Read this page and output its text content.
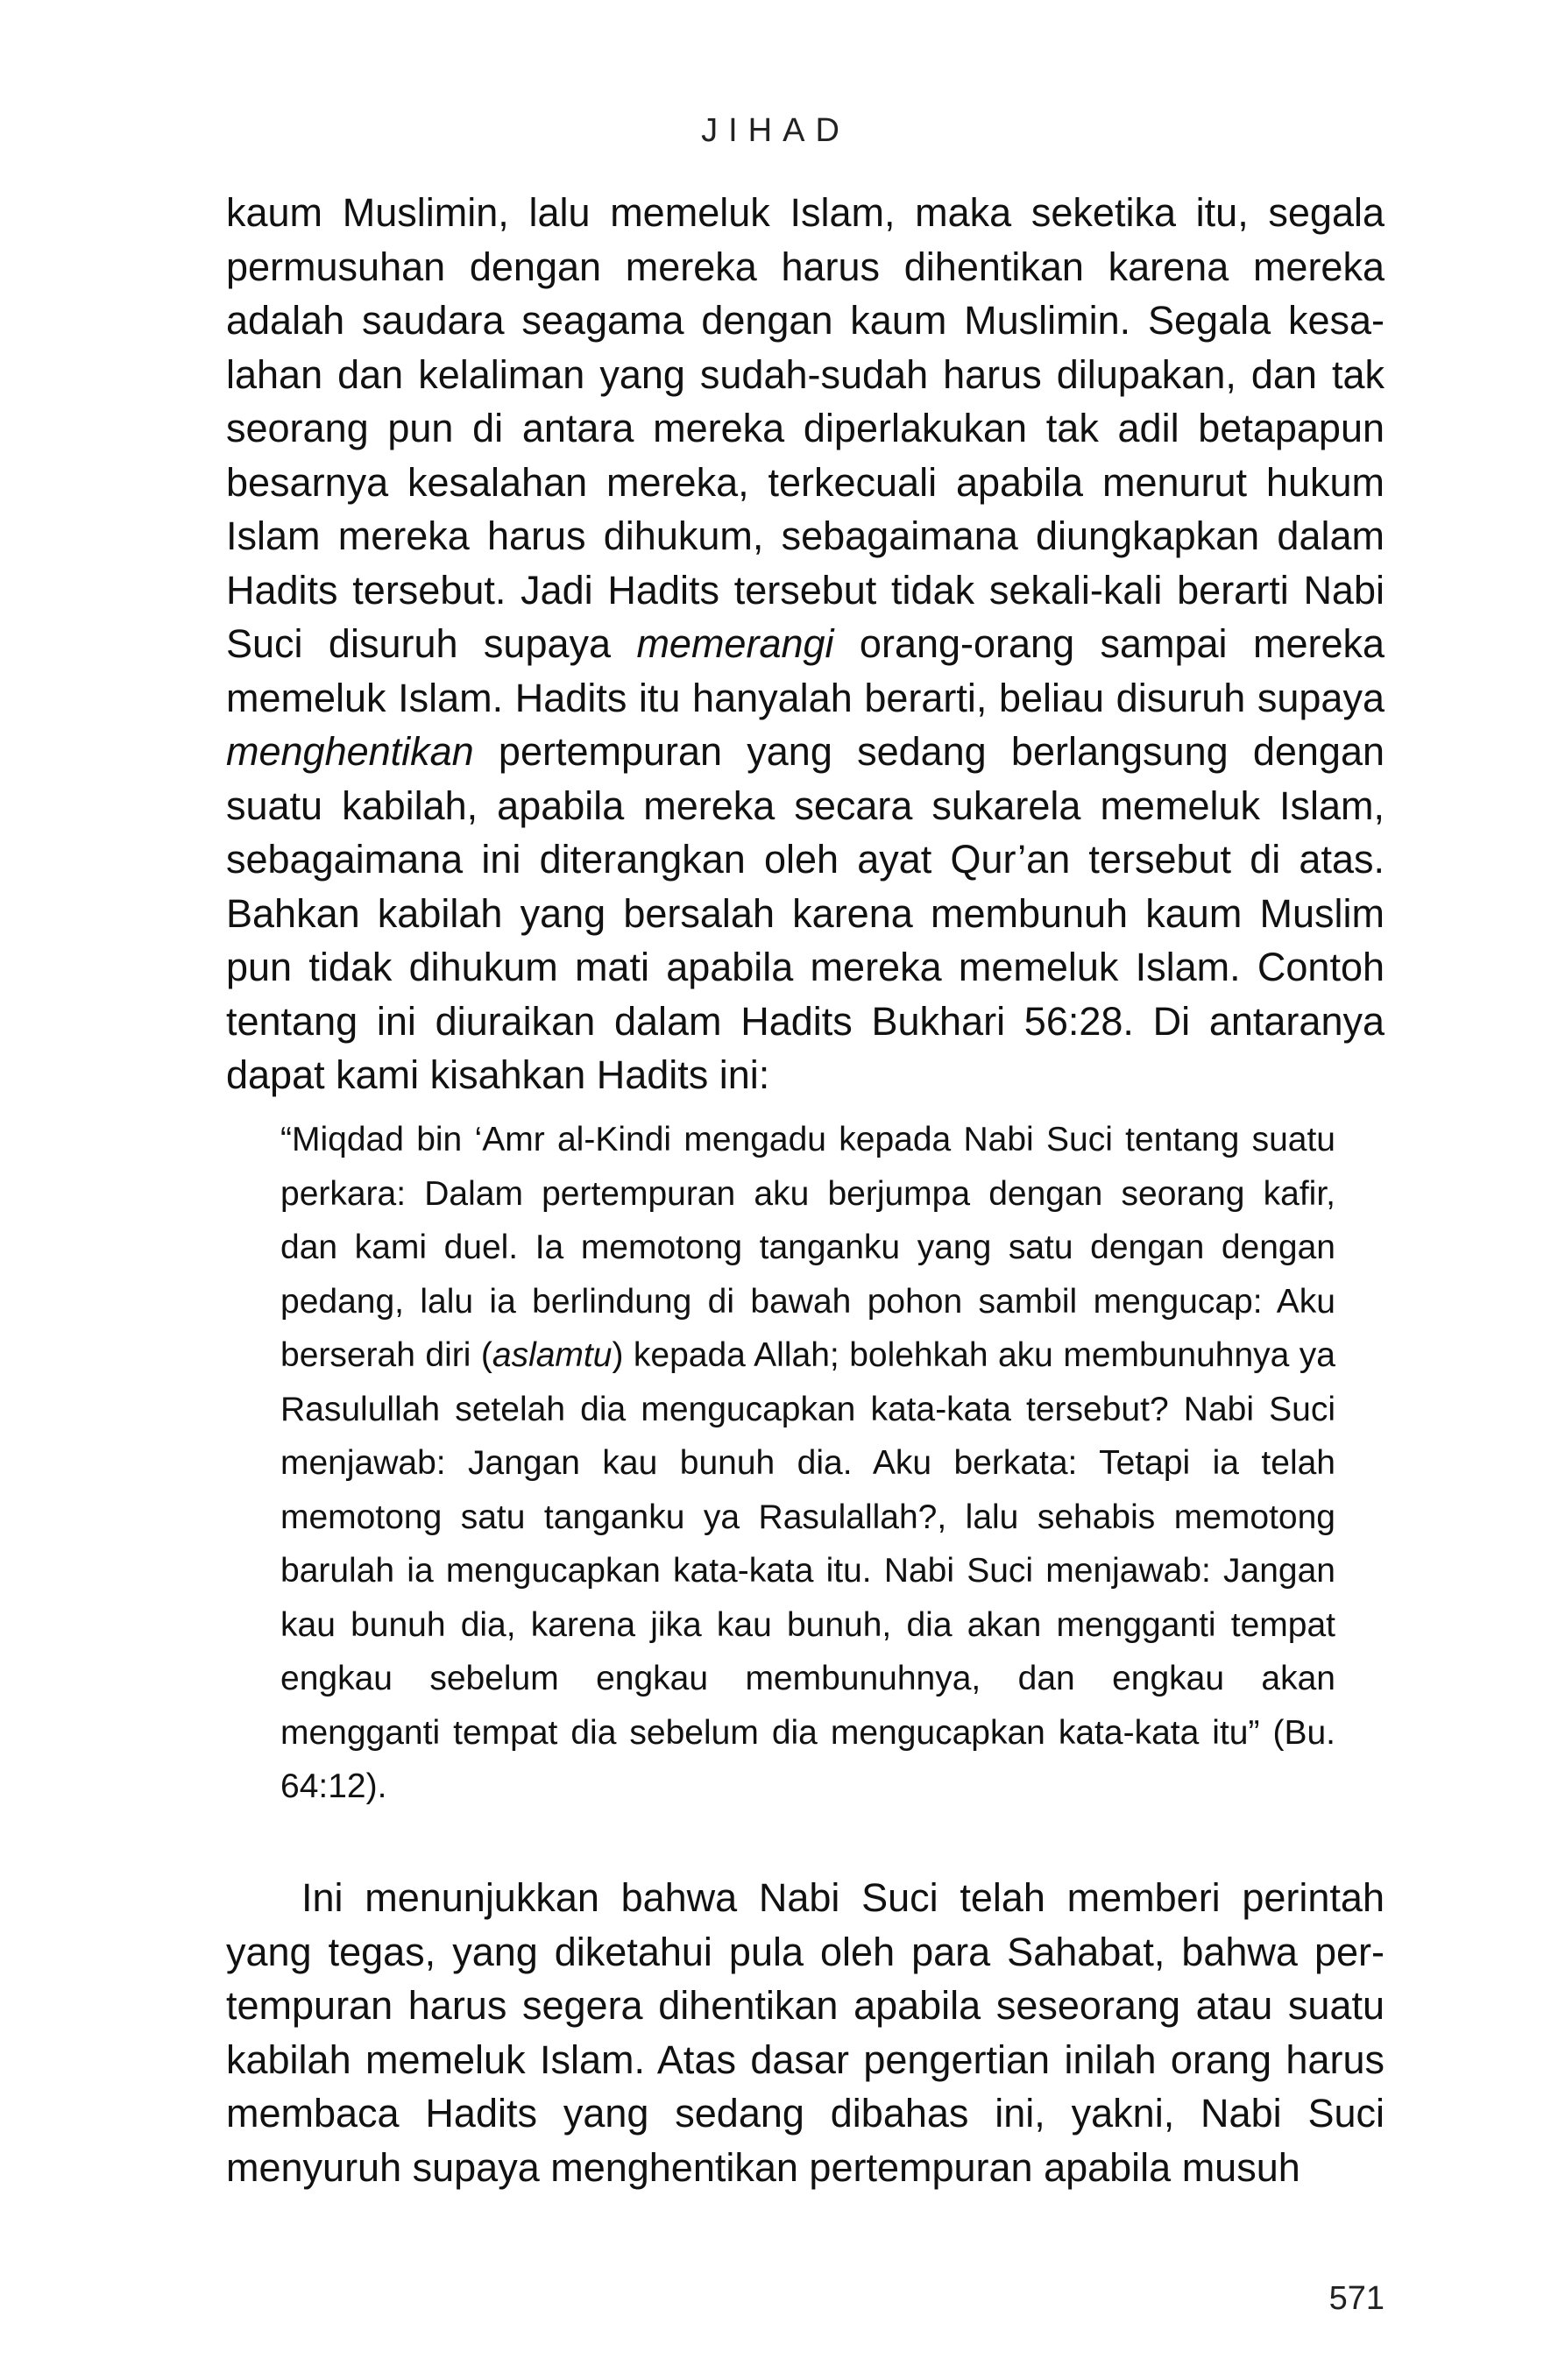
JIHAD

kaum Muslimin, lalu memeluk Islam, maka seketika itu, segala permusuhan dengan mereka harus dihentikan karena mereka adalah saudara seagama dengan kaum Muslimin. Segala kesalahan dan kelaliman yang sudah-sudah harus dilupakan, dan tak seorang pun di antara mereka diperlakukan tak adil betapapun besarnya kesalahan mereka, terkecuali apabila menurut hukum Islam mereka harus dihukum, sebagaimana diungkapkan dalam Hadits tersebut. Jadi Hadits tersebut tidak sekali-kali berarti Nabi Suci disuruh supaya memerangi orang-orang sampai mereka memeluk Islam. Hadits itu hanyalah berarti, beliau disuruh supaya menghentikan pertempuran yang sedang berlangsung dengan suatu kabilah, apabila mereka secara sukarela memeluk Islam, sebagaimana ini diterangkan oleh ayat Qur’an tersebut di atas. Bahkan kabilah yang bersalah karena membunuh kaum Muslim pun tidak dihukum mati apabila mereka memeluk Islam. Contoh tentang ini diuraikan dalam Hadits Bukhari 56:28. Di antaranya dapat kami kisahkan Hadits ini:

“Miqdad bin ‘Amr al-Kindi mengadu kepada Nabi Suci tentang suatu perkara: Dalam pertempuran aku berjumpa dengan seorang kafir, dan kami duel. Ia memotong tanganku yang satu dengan dengan pedang, lalu ia berlindung di bawah pohon sambil mengucap: Aku berserah diri (aslamtu) kepada Allah; bolehkah aku membunuhnya ya Rasulullah setelah dia mengucapkan kata-kata tersebut? Nabi Suci menjawab: Jangan kau bunuh dia. Aku berkata: Tetapi ia telah memotong satu tanganku ya Rasulallah?, lalu sehabis memotong barulah ia mengucapkan kata-kata itu. Nabi Suci menjawab: Jangan kau bunuh dia, karena jika kau bunuh, dia akan mengganti tempat engkau sebelum engkau membunuhnya, dan engkau akan mengganti tempat dia sebelum dia mengucapkan kata-kata itu” (Bu. 64:12).

Ini menunjukkan bahwa Nabi Suci telah memberi perintah yang tegas, yang diketahui pula oleh para Sahabat, bahwa pertempuran harus segera dihentikan apabila seseorang atau suatu kabilah memeluk Islam. Atas dasar pengertian inilah orang harus membaca Hadits yang sedang dibahas ini, yakni, Nabi Suci menyuruh supaya menghentikan pertempuran apabila musuh

571
